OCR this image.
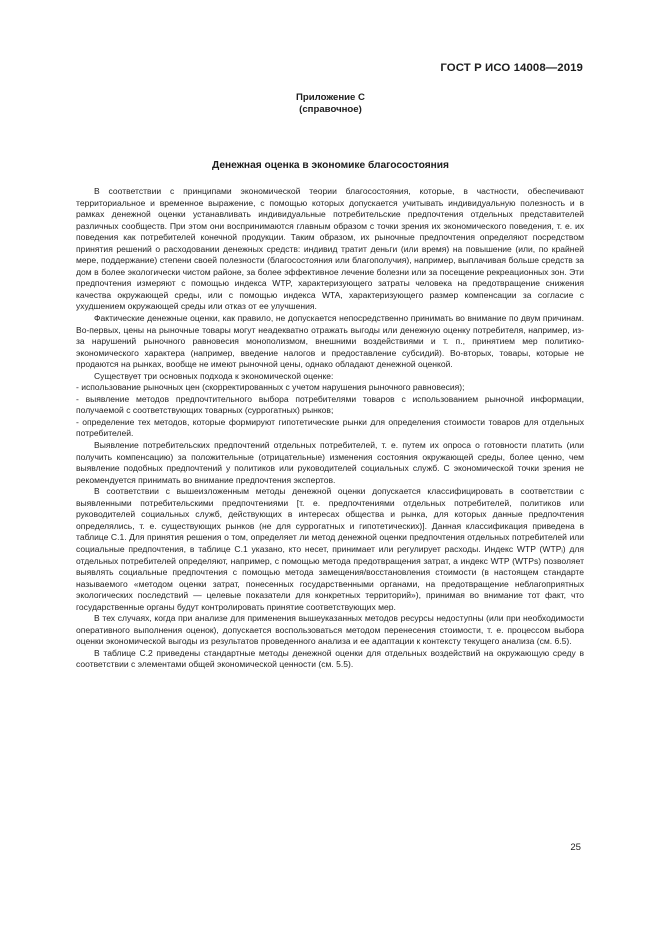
ГОСТ Р ИСО 14008—2019
Приложение С
(справочное)
Денежная оценка в экономике благосостояния

В соответствии с принципами экономической теории благосостояния, которые, в частности, обеспечивают территориальное и временное выражение, с помощью которых допускается учитывать индивидуальную полезность и в рамках денежной оценки устанавливать индивидуальные потребительские предпочтения отдельных представителей различных сообществ. При этом они воспринимаются главным образом с точки зрения их экономического поведения, т. е. их поведения как потребителей конечной продукции. Таким образом, их рыночные предпочтения определяют посредством принятия решений о расходовании денежных средств: индивид тратит деньги (или время) на повышение (или, по крайней мере, поддержание) степени своей полезности (благосостояния или благополучия), например, выплачивая больше средств за дом в более экологически чистом районе, за более эффективное лечение болезни или за посещение рекреационных зон. Эти предпочтения измеряют с помощью индекса WTP, характеризующего затраты человека на предотвращение снижения качества окружающей среды, или с помощью индекса WTA, характеризующего размер компенсации за согласие с ухудшением окружающей среды или отказ от ее улучшения.

Фактические денежные оценки, как правило, не допускается непосредственно принимать во внимание по двум причинам. Во-первых, цены на рыночные товары могут неадекватно отражать выгоды или денежную оценку потребителя, например, из-за нарушений рыночного равновесия монополизмом, внешними воздействиями и т. п., принятием мер политико-экономического характера (например, введение налогов и предоставление субсидий). Во-вторых, товары, которые не продаются на рынках, вообще не имеют рыночной цены, однако обладают денежной оценкой.

Существует три основных подхода к экономической оценке:

- использование рыночных цен (скорректированных с учетом нарушения рыночного равновесия);

- выявление методов предпочтительного выбора потребителями товаров с использованием рыночной информации, получаемой с соответствующих товарных (суррогатных) рынков;

- определение тех методов, которые формируют гипотетические рынки для определения стоимости товаров для отдельных потребителей.

Выявление потребительских предпочтений отдельных потребителей, т. е. путем их опроса о готовности платить (или получить компенсацию) за положительные (отрицательные) изменения состояния окружающей среды, более ценно, чем выявление подобных предпочтений у политиков или руководителей социальных служб. С экономической точки зрения не рекомендуется принимать во внимание предпочтения экспертов.

В соответствии с вышеизложенным методы денежной оценки допускается классифицировать в соответствии с выявленными потребительскими предпочтениями [т. е. предпочтениями отдельных потребителей, политиков или руководителей социальных служб, действующих в интересах общества и рынка, для которых данные предпочтения определялись, т. е. существующих рынков (не для суррогатных и гипотетических)]. Данная классификация приведена в таблице С.1. Для принятия решения о том, определяет ли метод денежной оценки предпочтения отдельных потребителей или социальные предпочтения, в таблице С.1 указано, кто несет, принимает или регулирует расходы. Индекс WTP (WTPᵢ) для отдельных потребителей определяют, например, с помощью метода предотвращения затрат, а индекс WTP (WTPs) позволяет выявлять социальные предпочтения с помощью метода замещения/восстановления стоимости (в настоящем стандарте называемого «методом оценки затрат, понесенных государственными органами, на предотвращение неблагоприятных экологических последствий — целевые показатели для конкретных территорий»), принимая во внимание тот факт, что государственные органы будут контролировать принятие соответствующих мер.

В тех случаях, когда при анализе для применения вышеуказанных методов ресурсы недоступны (или при необходимости оперативного выполнения оценок), допускается воспользоваться методом перенесения стоимости, т. е. процессом выбора оценки экономической выгоды из результатов проведенного анализа и ее адаптации к контексту текущего анализа (см. 6.5).

В таблице С.2 приведены стандартные методы денежной оценки для отдельных воздействий на окружающую среду в соответствии с элементами общей экономической ценности (см. 5.5).

25
